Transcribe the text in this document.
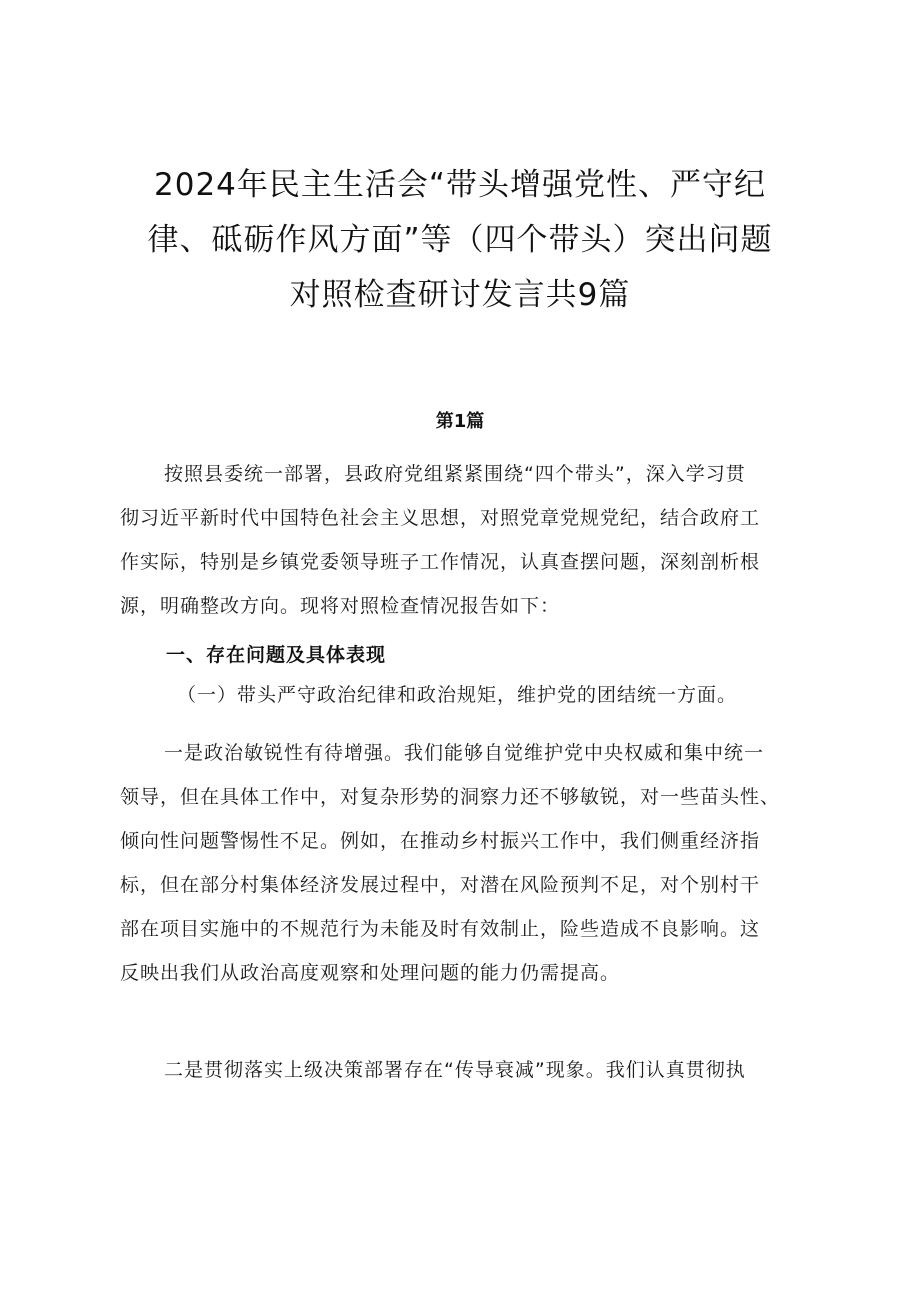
2024年民主生活会“带头增强党性、严守纪
律、砥砺作风方面”等（四个带头）突出问题
对照检查研讨发言共9篇
第1篇
按照县委统一部署，县政府党组紧紧围绕“四个带头”，深入学习贯
彻习近平新时代中国特色社会主义思想，对照党章党规党纪，结合政府工
作实际，特别是乡镇党委领导班子工作情况，认真查摆问题，深刻剖析根
源，明确整改方向。现将对照检查情况报告如下：
一、存在问题及具体表现
（一）带头严守政治纪律和政治规矩，维护党的团结统一方面。
一是政治敏锐性有待增强。我们能够自觉维护党中央权威和集中统一
领导，但在具体工作中，对复杂形势的洞察力还不够敏锐，对一些苗头性、
倾向性问题警惕性不足。例如，在推动乡村振兴工作中，我们侧重经济指
标，但在部分村集体经济发展过程中，对潜在风险预判不足，对个别村干
部在项目实施中的不规范行为未能及时有效制止，险些造成不良影响。这
反映出我们从政治高度观察和处理问题的能力仍需提高。
二是贯彻落实上级决策部署存在“传导衰减”现象。我们认真贯彻执
